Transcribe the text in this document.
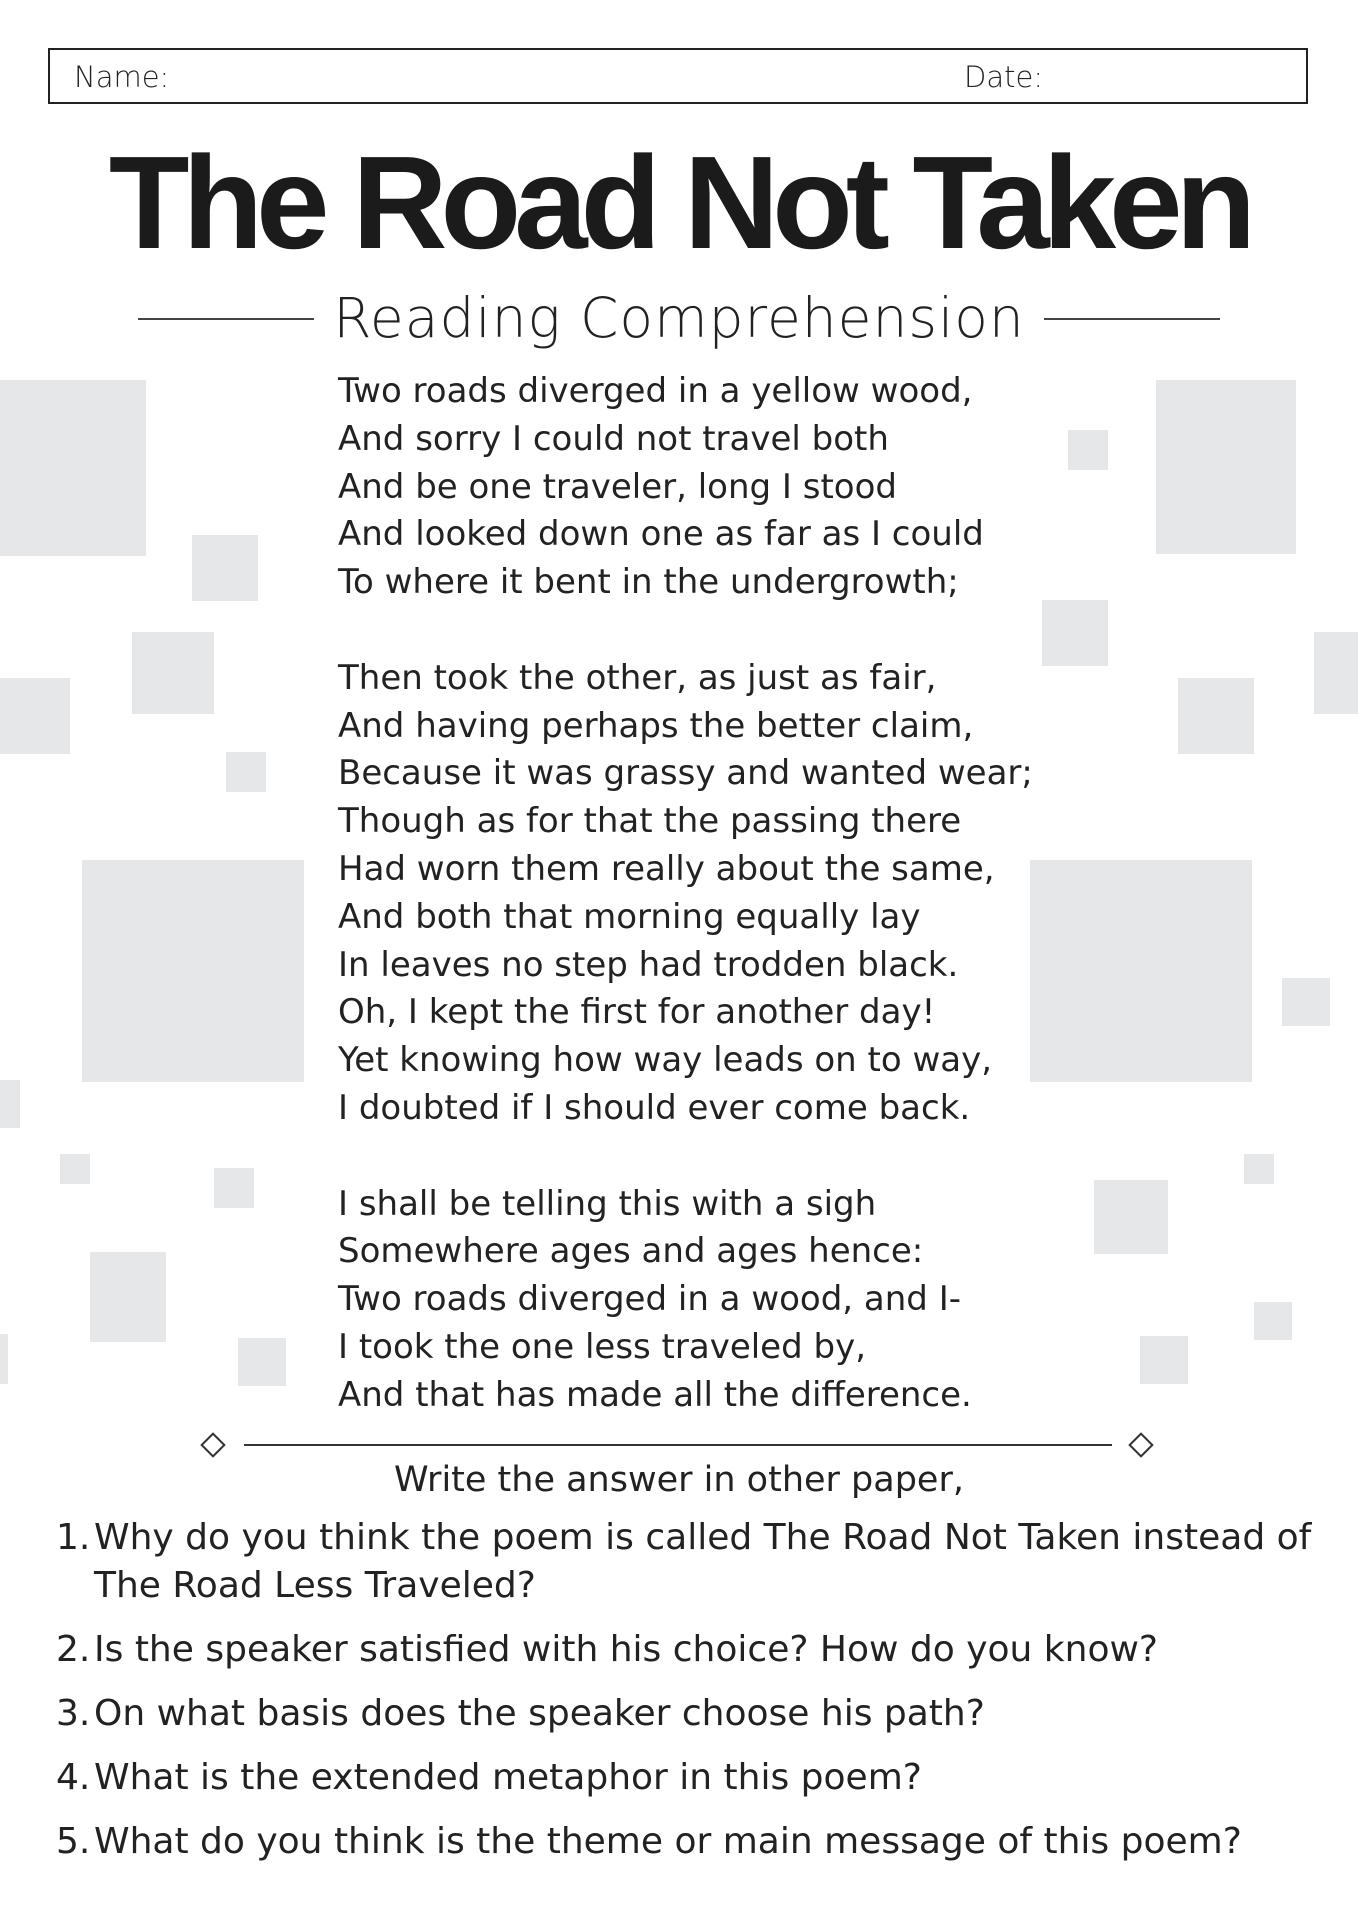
Name:	Date:
The Road Not Taken
Reading Comprehension
Two roads diverged in a yellow wood,
And sorry I could not travel both
And be one traveler, long I stood
And looked down one as far as I could
To where it bent in the undergrowth;
Then took the other, as just as fair,
And having perhaps the better claim,
Because it was grassy and wanted wear;
Though as for that the passing there
Had worn them really about the same,
And both that morning equally lay
In leaves no step had trodden black.
Oh, I kept the first for another day!
Yet knowing how way leads on to way,
I doubted if I should ever come back.
I shall be telling this with a sigh
Somewhere ages and ages hence:
Two roads diverged in a wood, and I-
I took the one less traveled by,
And that has made all the difference.
Write the answer in other paper,
1. Why do you think the poem is called The Road Not Taken instead of The Road Less Traveled?
2. Is the speaker satisfied with his choice? How do you know?
3. On what basis does the speaker choose his path?
4. What is the extended metaphor in this poem?
5. What do you think is the theme or main message of this poem?
